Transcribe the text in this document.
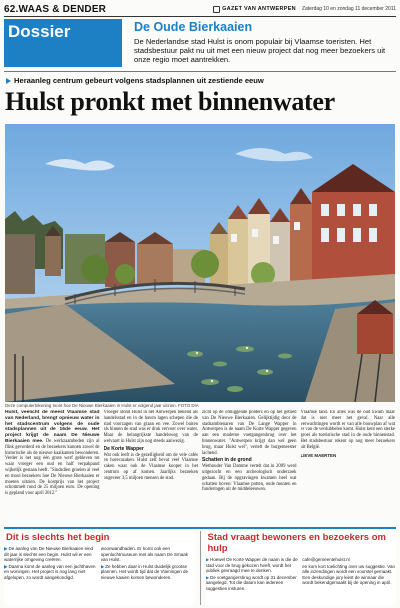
62.WAAS & DENDER	GAZET VAN ANTWERPEN Zaterdag 10 en zondag 11 december 2011
Dossier	De Oude Bierkaaien
De Nederlandse stad Hulst is onom populair bij Vlaamse toeristen. Het stadsbestuur pakt nu uit met een nieuw project dat nog meer bezoekers uit onze regio moet aantrekken.
Heraanleg centrum gebeurt volgens stadsplannen uit zestiende eeuw
Hulst pronkt met binnenwater
Deze computertekening toont hoe De Nieuwe Bierkaaien in Hulst er volgend jaar uitzien. FOTO DIA
Hulst, veelicht de meest Vlaamse stad van Nederland, brengt opnieuw water in het stadscentrum volgens de oude stadsplannen uit de 16de eeuw. Het project krijgt de naam De Nieuwe Bierkaaien mee. De werkzaamheden zijn al flink gevorderd en de bezoekers kunnen zowel de historische als de nieuwe kaaikanten bewonderen. Verder is het nog één grote werf gebleven tot waar vroeger een oud en half verpakpand wijkelijk gestaan heeft. "Sindsdien groeien al veel en mooi bezoekers hoe De Nieuwe Bierkaaien er moeten uitzien. De kostprijs van het project schommelt rond de 25 miljoen euro. De opening is gepland voor april 2012."
Vroeger stond Hulst in het Antwerpen bekend als handelsstad en in de haven lagen schepen die de stad voorzagen van graan en vee. Zowel buiten als binnen de stad was er druk vervoer over water. Maar de belangrijkste handelsweg van de welvaart in Hulst zijn nog steeds aanwezig.
De Korte Wapper
Wat ook leeft is de gezelligheid om de vele cafés en horecazaken. Hulst zelf bevat veel Vlaamse zaken waar ook de Vlaamse kooper in het centrum op af komen. Jaarlijks bezoeken ongeveer 3,5 miljoen mensen de stad.
zicht op de omliggende polders en op het gebied van De Nieuwe Bierkaaien. Gelijktijdig door de stadsambtenaren van De Lange Wapper in Antwerpen is de naam De Korte Wapper gegeven aan een moderne voetgangersbrug over het binnenwater. "Antwerpen krijgt dan wel geen brug, maar Hulst wel", vertelt de burgemeester lachend.
Schatten in de grond
Wethouder Van Damme vertelt dat in 2009 werd uitgezocht en een archeologisch onderzoek gedaan. Bij de opgravingen kwamen heel wat schatten boven: Vlaamse potten, oude munten en funderingen uit de middeleeuwen.
Vlaamse tand. En alles was de oud kwam maar dat is niet meer het geval. Naar alle verwachtingen wordt er van alle bouwplan af wat er van de verdubbelen komt. Hulst kent een sterke groei als toeristische stad in de oude binnenstad. Het stadsbestuur rekent op nog meer bezoekers uit België.
LIEVE MAERTEN
Dit is slechts het begin

▶De aanleg van De Nieuwe Bierkaaien eind dit jaar is slechts een begin. Hulst wil er een waterrijke omgeving creëren.

▶Daarna komt de aanleg van een jachthaven en woningen. Het project is nog lang niet afgelopen, zo wordt aangekondigd.

woonwandhaden. Er komt ook een openluchtmuseum met als naam De Smaak van Hulst.

▶Ze hebben daar in Hulst duidelijk grootse plannen. Het wordt tijd dat de Vlamingen de nieuwe kaaien komen bewonderen.

Stad vraagt bewoners en bezoekers om hulp

▶Hoewel De Korte Wapper de naam is die de stad voor de brug gekozen heeft, wordt het publiek gevraagd mee te denken.

▶De voetgangersbrug wordt op 31 december aangelegd. Tot die datum kan iedereen suggesties insturen.

cafe@gemeentehulst.nl

en kom kort toelichting over uw suggestie. Van alle inzendingen wordt een voorstel gemaakt. Een deskundige jury kiest de winnaar die wordt bekendgemaakt bij de opening in april.
